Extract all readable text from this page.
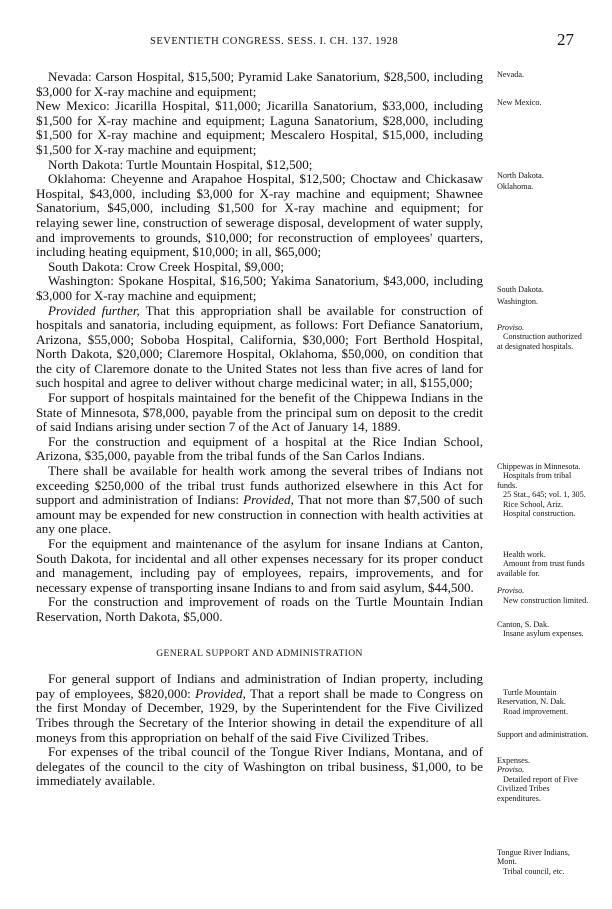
SEVENTIETH CONGRESS. SESS. I. CH. 137. 1928	27

Nevada: Carson Hospital, $15,500; Pyramid Lake Sanatorium, $28,500, including $3,000 for X-ray machine and equipment;

New Mexico: Jicarilla Hospital, $11,000; Jicarilla Sanatorium, $33,000, including $1,500 for X-ray machine and equipment; Laguna Sanatorium, $28,000, including $1,500 for X-ray machine and equipment; Mescalero Hospital, $15,000, including $1,500 for X-ray machine and equipment;

North Dakota: Turtle Mountain Hospital, $12,500;

Oklahoma: Cheyenne and Arapahoe Hospital, $12,500; Choctaw and Chickasaw Hospital, $43,000, including $3,000 for X-ray machine and equipment; Shawnee Sanatorium, $45,000, including $1,500 for X-ray machine and equipment; for relaying sewer line, construction of sewerage disposal, development of water supply, and improvements to grounds, $10,000; for reconstruction of employees' quarters, including heating equipment, $10,000; in all, $65,000;

South Dakota: Crow Creek Hospital, $9,000;

Washington: Spokane Hospital, $16,500; Yakima Sanatorium, $43,000, including $3,000 for X-ray machine and equipment;

Provided further, That this appropriation shall be available for construction of hospitals and sanatoria, including equipment, as follows: Fort Defiance Sanatorium, Arizona, $55,000; Soboba Hospital, California, $30,000; Fort Berthold Hospital, North Dakota, $20,000; Claremore Hospital, Oklahoma, $50,000, on condition that the city of Claremore donate to the United States not less than five acres of land for such hospital and agree to deliver without charge medicinal water; in all, $155,000;

For support of hospitals maintained for the benefit of the Chippewa Indians in the State of Minnesota, $78,000, payable from the principal sum on deposit to the credit of said Indians arising under section 7 of the Act of January 14, 1889.

For the construction and equipment of a hospital at the Rice Indian School, Arizona, $35,000, payable from the tribal funds of the San Carlos Indians.

There shall be available for health work among the several tribes of Indians not exceeding $250,000 of the tribal trust funds authorized elsewhere in this Act for support and administration of Indians: Provided, That not more than $7,500 of such amount may be expended for new construction in connection with health activities at any one place.

For the equipment and maintenance of the asylum for insane Indians at Canton, South Dakota, for incidental and all other expenses necessary for its proper conduct and management, including pay of employees, repairs, improvements, and for necessary expense of transporting insane Indians to and from said asylum, $44,500.

For the construction and improvement of roads on the Turtle Mountain Indian Reservation, North Dakota, $5,000.

GENERAL SUPPORT AND ADMINISTRATION

For general support of Indians and administration of Indian property, including pay of employees, $820,000: Provided, That a report shall be made to Congress on the first Monday of December, 1929, by the Superintendent for the Five Civilized Tribes through the Secretary of the Interior showing in detail the expenditure of all moneys from this appropriation on behalf of the said Five Civilized Tribes.

For expenses of the tribal council of the Tongue River Indians, Montana, and of delegates of the council to the city of Washington on tribal business, $1,000, to be immediately available.

Nevada.
New Mexico.
North Dakota.
Oklahoma.
South Dakota.
Washington.
Proviso.
Construction authorized at designated hospitals.
Chippewas in Minnesota.
Hospitals from tribal funds.
25 Stat., 645; vol. 1, 305.
Rice School, Ariz.
Hospital construction.
Health work.
Amount from trust funds available for.
Proviso.
New construction limited.
Canton, S. Dak.
Insane asylum expenses.
Turtle Mountain Reservation, N. Dak.
Road improvement.
Support and administration.
Expenses.
Proviso.
Detailed report of Five Civilized Tribes expenditures.
Tongue River Indians, Mont.
Tribal council, etc.
